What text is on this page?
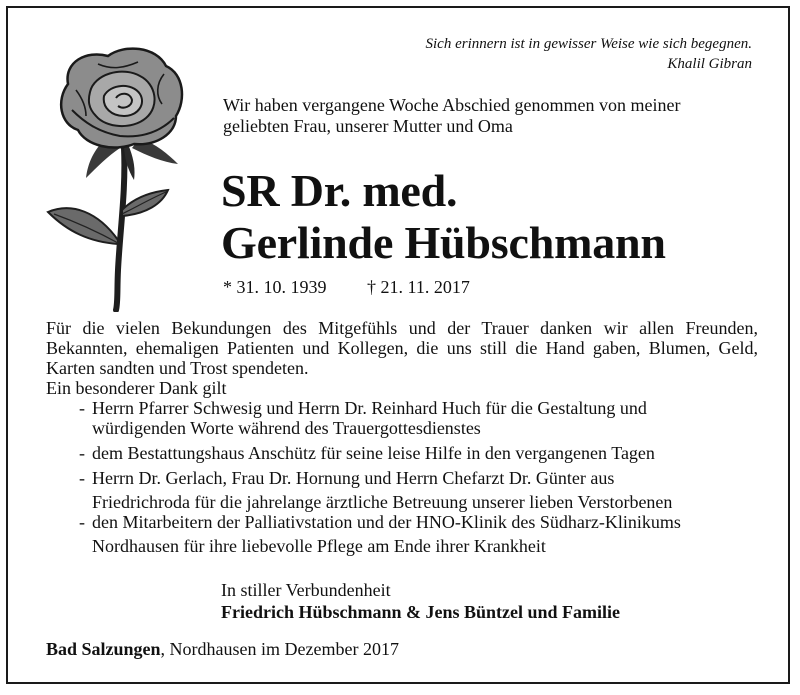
Sich erinnern ist in gewisser Weise wie sich begegnen.
Khalil Gibran
Wir haben vergangene Woche Abschied genommen von meiner
geliebten Frau, unserer Mutter und Oma
SR Dr. med.
Gerlinde Hübschmann
* 31. 10. 1939 † 21. 11. 2017

Für die vielen Bekundungen des Mitgefühls und der Trauer danken wir allen Freunden, Bekannten, ehemaligen Patienten und Kollegen, die uns still die Hand gaben, Blumen, Geld, Karten sandten und Trost spendeten.

Ein besonderer Dank gilt

- Herrn Pfarrer Schwesig und Herrn Dr. Reinhard Huch für die Gestaltung und
würdigenden Worte während des Trauergottesdienstes
- dem Bestattungshaus Anschütz für seine leise Hilfe in den vergangenen Tagen
- Herrn Dr. Gerlach, Frau Dr. Hornung und Herrn Chefarzt Dr. Günter aus
Friedrichroda für die jahrelange ärztliche Betreuung unserer lieben Verstorbenen
- den Mitarbeitern der Palliativstation und der HNO-Klinik des Südharz-Klinikums
Nordhausen für ihre liebevolle Pflege am Ende ihrer Krankheit
In stiller Verbundenheit
Friedrich Hübschmann & Jens Büntzel und Familie
Bad Salzungen, Nordhausen im Dezember 2017
